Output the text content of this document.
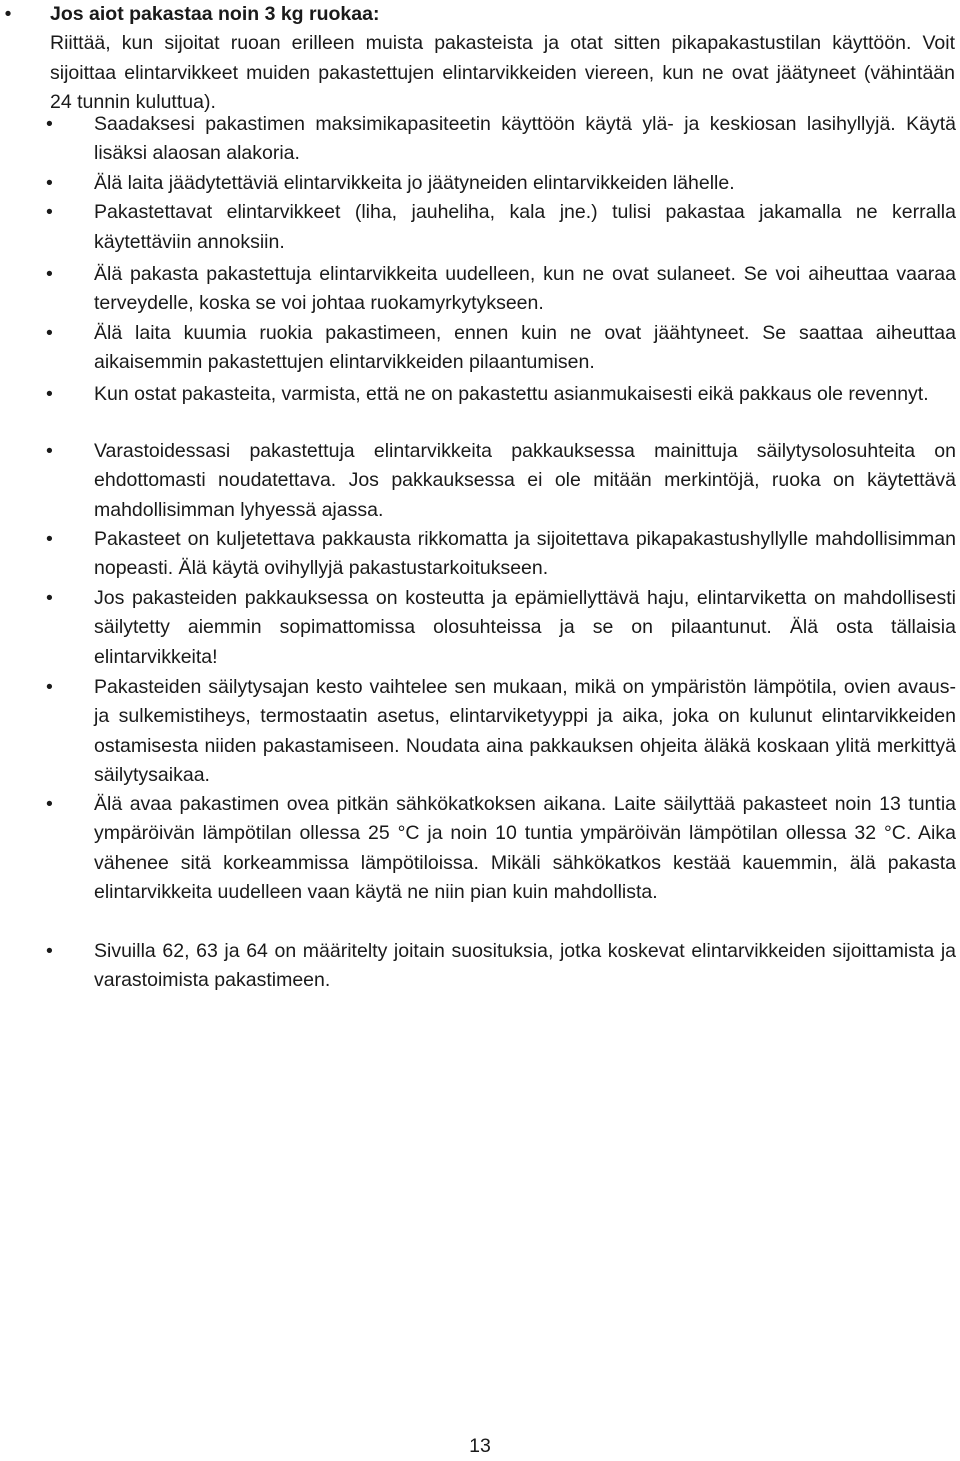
• Jos aiot pakastaa noin 3 kg ruokaa:
Riittää, kun sijoitat ruoan erilleen muista pakasteista ja otat sitten pikapakastustilan käyttöön. Voit sijoittaa elintarvikkeet muiden pakastettujen elintarvikkeiden viereen, kun ne ovat jäätyneet (vähintään 24 tunnin kuluttua).
• Saadaksesi pakastimen maksimikapasiteetin käyttöön käytä ylä- ja keskiosan lasihyllyjä. Käytä lisäksi alaosan alakoria.
• Älä laita jäädytettäviä elintarvikkeita jo jäätyneiden elintarvikkeiden lähelle.
• Pakastettavat elintarvikkeet (liha, jauheliha, kala jne.) tulisi pakastaa jakamalla ne kerralla käytettäviin annoksiin.
• Älä pakasta pakastettuja elintarvikkeita uudelleen, kun ne ovat sulaneet. Se voi aiheuttaa vaaraa terveydelle, koska se voi johtaa ruokamyrkytykseen.
• Älä laita kuumia ruokia pakastimeen, ennen kuin ne ovat jäähtyneet. Se saattaa aiheuttaa aikaisemmin pakastettujen elintarvikkeiden pilaantumisen.
• Kun ostat pakasteita, varmista, että ne on pakastettu asianmukaisesti eikä pakkaus ole revennyt.
• Varastoidessasi pakastettuja elintarvikkeita pakkauksessa mainittuja säilytysolosuhteita on ehdottomasti noudatettava. Jos pakkauksessa ei ole mitään merkintöjä, ruoka on käytettävä mahdollisimman lyhyessä ajassa.
• Pakasteet on kuljetettava pakkausta rikkomatta ja sijoitettava pikapakastushyllylle mahdollisimman nopeasti. Älä käytä ovihyllyjä pakastustarkoitukseen.
• Jos pakasteiden pakkauksessa on kosteutta ja epämiellyttävä haju, elintarviketta on mahdollisesti säilytetty aiemmin sopimattomissa olosuhteissa ja se on pilaantunut. Älä osta tällaisia elintarvikkeita!
• Pakasteiden säilytysajan kesto vaihtelee sen mukaan, mikä on ympäristön lämpötila, ovien avaus- ja sulkemistiheys, termostaatin asetus, elintarviketyyppi ja aika, joka on kulunut elintarvikkeiden ostamisesta niiden pakastamiseen. Noudata aina pakkauksen ohjeita äläkä koskaan ylitä merkittyä säilytysaikaa.
• Älä avaa pakastimen ovea pitkän sähkökatkoksen aikana. Laite säilyttää pakasteet noin 13 tuntia ympäröivän lämpötilan ollessa 25 °C ja noin 10 tuntia ympäröivän lämpötilan ollessa 32 °C. Aika vähenee sitä korkeammissa lämpötiloissa. Mikäli sähkökatkos kestää kauemmin, älä pakasta elintarvikkeita uudelleen vaan käytä ne niin pian kuin mahdollista.
• Sivuilla 62, 63 ja 64 on määritelty joitain suosituksia, jotka koskevat elintarvikkeiden sijoittamista ja varastoimista pakastimeen.
13
